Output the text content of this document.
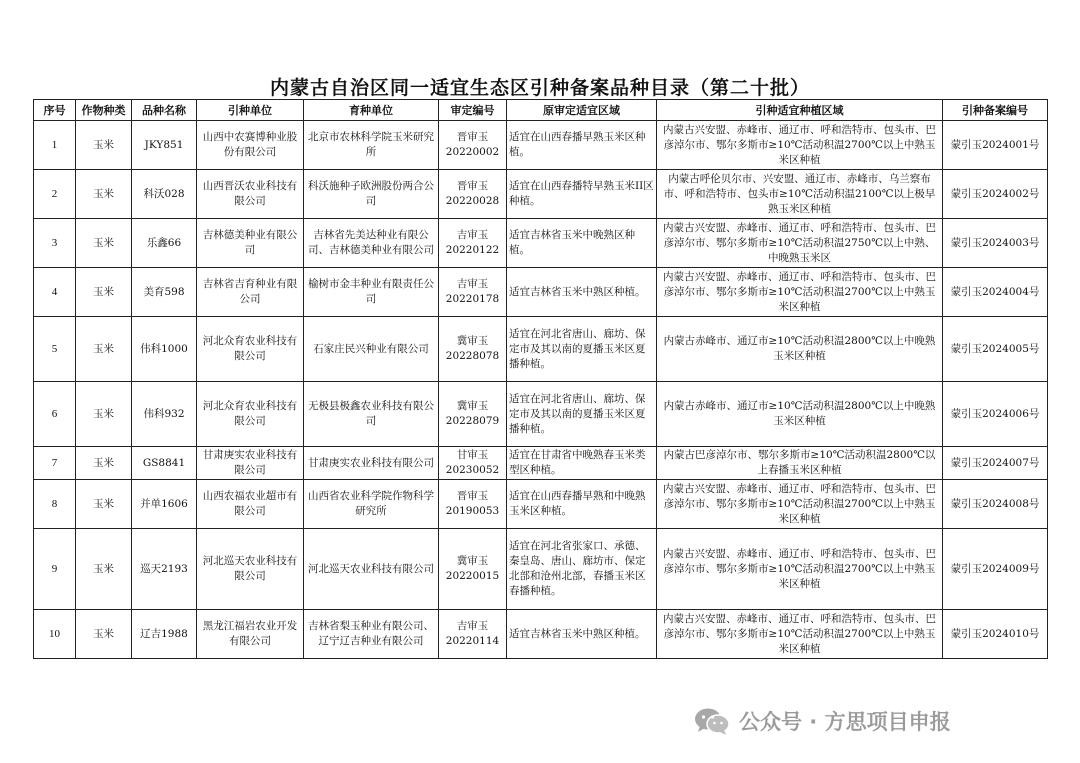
内蒙古自治区同一适宜生态区引种备案品种目录（第二十批）
序号	作物种类	品种名称	引种单位	育种单位	审定编号	原审定适宜区域	引种适宜种植区域	引种备案编号
1	玉米	JKY851	山西中农赛博种业股份有限公司	北京市农林科学院玉米研究所	晋审玉20220002	适宜在山西春播早熟玉米区种植。	内蒙古兴安盟、赤峰市、通辽市、呼和浩特市、包头市、巴彦淖尔市、鄂尔多斯市≥10℃活动积温2700℃以上中熟玉米区种植	蒙引玉2024001号
2	玉米	科沃028	山西晋沃农业科技有限公司	科沃施种子欧洲股份两合公司	晋审玉20220028	适宜在山西春播特早熟玉米II区种植。	内蒙古呼伦贝尔市、兴安盟、通辽市、赤峰市、乌兰察布市、呼和浩特市、包头市≥10℃活动积温2100℃以上极早熟玉米区种植	蒙引玉2024002号
3	玉米	乐鑫66	吉林德美种业有限公司	吉林省先美达种业有限公司、吉林德美种业有限公司	吉审玉20220122	适宜吉林省玉米中晚熟区种植。	内蒙古兴安盟、赤峰市、通辽市、呼和浩特市、包头市、巴彦淖尔市、鄂尔多斯市≥10℃活动积温2750℃以上中熟、中晚熟玉米区	蒙引玉2024003号
4	玉米	美育598	吉林省吉育种业有限公司	榆树市金丰种业有限责任公司	吉审玉20220178	适宜吉林省玉米中熟区种植。	内蒙古兴安盟、赤峰市、通辽市、呼和浩特市、包头市、巴彦淖尔市、鄂尔多斯市≥10℃活动积温2700℃以上中熟玉米区种植	蒙引玉2024004号
5	玉米	伟科1000	河北众育农业科技有限公司	石家庄民兴种业有限公司	冀审玉20228078	适宜在河北省唐山、廊坊、保定市及其以南的夏播玉米区夏播种植。	内蒙古赤峰市、通辽市≥10℃活动积温2800℃以上中晚熟玉米区种植	蒙引玉2024005号
6	玉米	伟科932	河北众育农业科技有限公司	无极县极鑫农业科技有限公司	冀审玉20228079	适宜在河北省唐山、廊坊、保定市及其以南的夏播玉米区夏播种植。	内蒙古赤峰市、通辽市≥10℃活动积温2800℃以上中晚熟玉米区种植	蒙引玉2024006号
7	玉米	GS8841	甘肃庚实农业科技有限公司	甘肃庚实农业科技有限公司	甘审玉20230052	适宜在甘肃省中晚熟春玉米类型区种植。	内蒙古巴彦淖尔市、鄂尔多斯市≥10℃活动积温2800℃以上春播玉米区种植	蒙引玉2024007号
8	玉米	并单1606	山西农福农业超市有限公司	山西省农业科学院作物科学研究所	晋审玉20190053	适宜在山西春播早熟和中晚熟玉米区种植。	内蒙古兴安盟、赤峰市、通辽市、呼和浩特市、包头市、巴彦淖尔市、鄂尔多斯市≥10℃活动积温2700℃以上中熟玉米区种植	蒙引玉2024008号
9	玉米	巡天2193	河北巡天农业科技有限公司	河北巡天农业科技有限公司	冀审玉20220015	适宜在河北省张家口、承德、秦皇岛、唐山、廊坊市、保定北部和沧州北部，春播玉米区春播种植。	内蒙古兴安盟、赤峰市、通辽市、呼和浩特市、包头市、巴彦淖尔市、鄂尔多斯市≥10℃活动积温2700℃以上中熟玉米区种植	蒙引玉2024009号
10	玉米	辽吉1988	黑龙江福岩农业开发有限公司	吉林省梨玉种业有限公司、辽宁辽吉种业有限公司	吉审玉20220114	适宜吉林省玉米中熟区种植。	内蒙古兴安盟、赤峰市、通辽市、呼和浩特市、包头市、巴彦淖尔市、鄂尔多斯市≥10℃活动积温2700℃以上中熟玉米区种植	蒙引玉2024010号
公众号 · 方思项目申报
